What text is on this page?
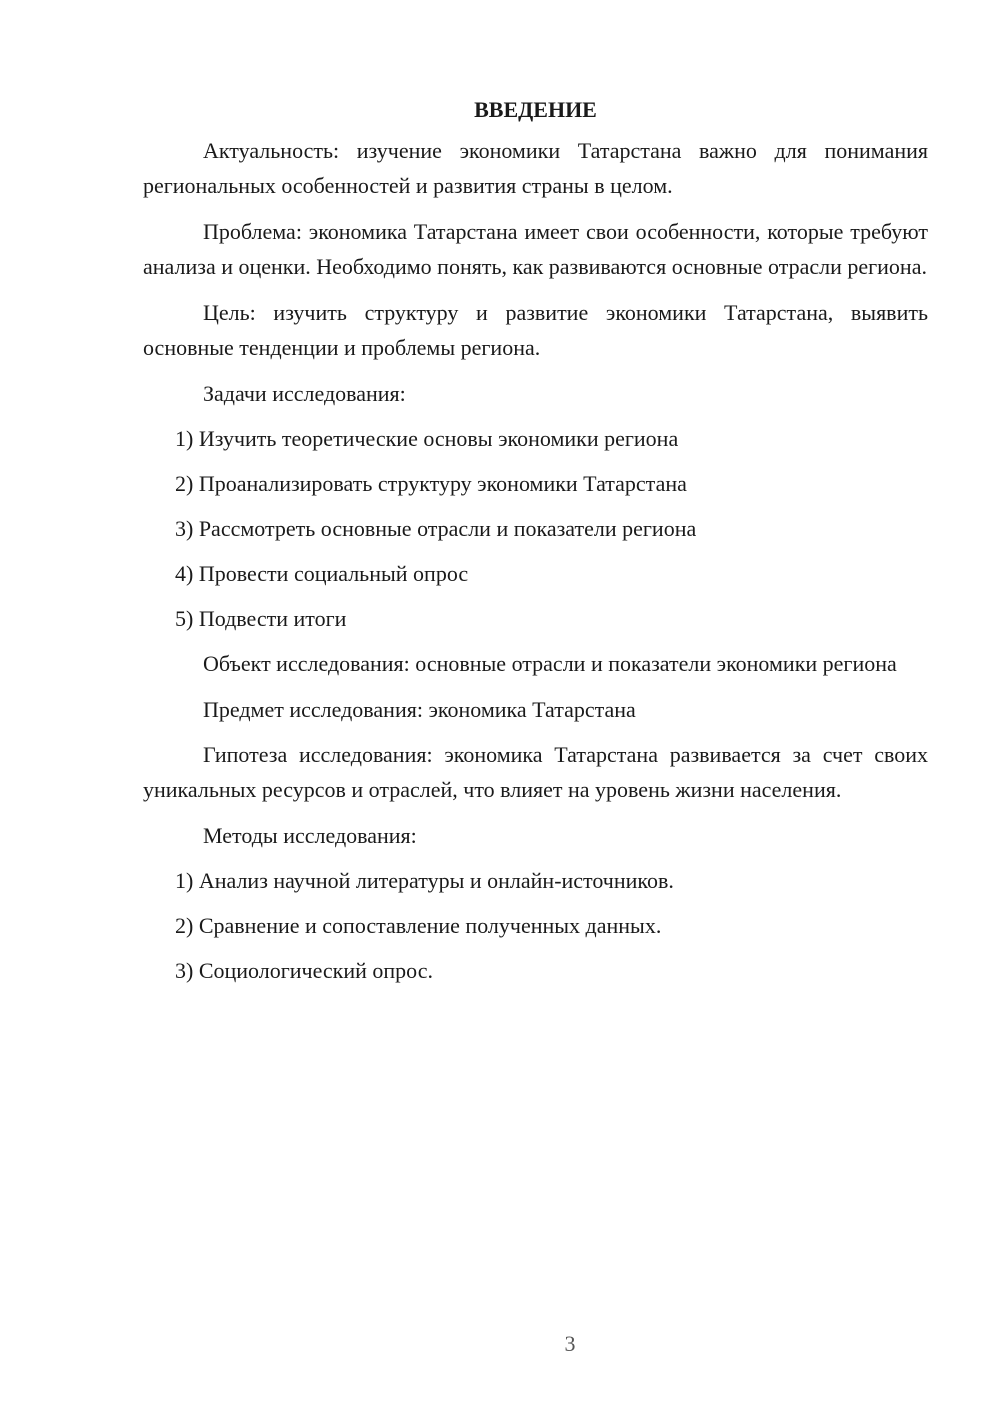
ВВЕДЕНИЕ

Актуальность: изучение экономики Татарстана важно для понимания региональных особенностей и развития страны в целом.

Проблема: экономика Татарстана имеет свои особенности, которые требуют анализа и оценки. Необходимо понять, как развиваются основные отрасли региона.

Цель: изучить структуру и развитие экономики Татарстана, выявить основные тенденции и проблемы региона.

Задачи исследования:

1) Изучить теоретические основы экономики региона

2) Проанализировать структуру экономики Татарстана

3) Рассмотреть основные отрасли и показатели региона

4) Провести социальный опрос

5) Подвести итоги

Объект исследования: основные отрасли и показатели экономики региона

Предмет исследования: экономика Татарстана

Гипотеза исследования: экономика Татарстана развивается за счет своих уникальных ресурсов и отраслей, что влияет на уровень жизни населения.

Методы исследования:

1) Анализ научной литературы и онлайн-источников.

2) Сравнение и сопоставление полученных данных.

3) Социологический опрос.

3
